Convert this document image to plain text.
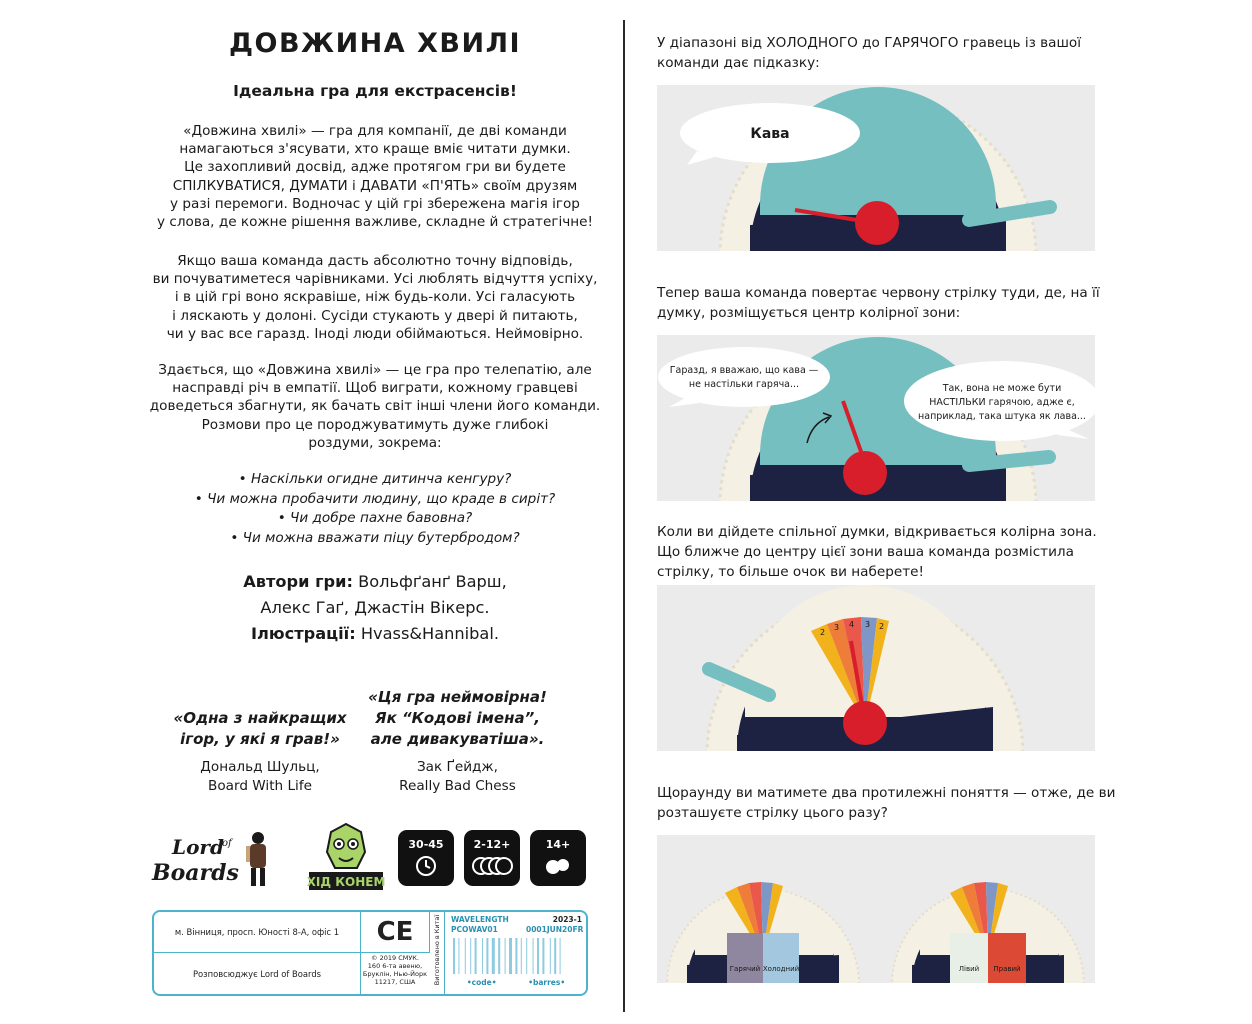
ДОВЖИНА ХВИЛІ
Ідеальна гра для екстрасенсів!
«Довжина хвилі» — гра для компанії, де дві команди
намагаються з'ясувати, хто краще вміє читати думки.
Це захопливий досвід, адже протягом гри ви будете
СПІЛКУВАТИСЯ, ДУМАТИ і ДАВАТИ «П'ЯТЬ» своїм друзям
у разі перемоги. Водночас у цій грі збережена магія ігор
у слова, де кожне рішення важливе, складне й стратегічне!
Якщо ваша команда дасть абсолютно точну відповідь,
ви почуватиметеся чарівниками. Усі люблять відчуття успіху,
і в цій грі воно яскравіше, ніж будь-коли. Усі галасують
і ляскають у долоні. Сусіди стукають у двері й питають,
чи у вас все гаразд. Іноді люди обіймаються. Неймовірно.
Здається, що «Довжина хвилі» — це гра про телепатію, але
насправді річ в емпатії. Щоб виграти, кожному гравцеві
доведеться збагнути, як бачать світ інші члени його команди.
Розмови про це породжуватимуть дуже глибокі
роздуми, зокрема:
• Наскільки огидне дитинча кенгуру?
• Чи можна пробачити людину, що краде в сиріт?
• Чи добре пахне бавовна?
• Чи можна вважати піцу бутербродом?
Автори гри: Вольфґанґ Варш,
Алекс Гаґ, Джастін Вікерс.
Ілюстрації: Hvass&Hannibal.
«Одна з найкращих
ігор, у які я грав!»
Дональд Шульц,
Board With Life
«Ця гра неймовірна!
Як “Кодові імена”,
але дивакуватіша».
Зак Ґейдж,
Really Bad Chess
Lord
of
Boards	ХІД КОНЕМ
30-45	2-12+	14+
м. Вінниця, просп. Юності 8-А, офіс 1
Розповсюджує Lord of Boards
CE
© 2019 СМУК.
160 6-та авеню,
Бруклін, Нью-Йорк
11217, США	Виготовлено в Китаї WAVELENGTH
PCOWAV01
2023-1
0001JUN20FR
•code•	•barres•
У діапазоні від ХОЛОДНОГО до ГАРЯЧОГО гравець із вашої
команди дає підказку:
Кава
Тепер ваша команда повертає червону стрілку туди, де, на її
думку, розміщується центр колірної зони:
Гаразд, я вважаю, що кава —
не настільки гаряча...	Так, вона не може бути
НАСТІЛЬКИ гарячою, адже є,
наприклад, така штука як лава...
Коли ви дійдете спільної думки, відкривається колірна зона.
Що ближче до центру цієї зони ваша команда розмістила
стрілку, то більше очок ви наберете!
2
3 4 3 2
Щораунду ви матимете два протилежні поняття — отже, де ви
розташуєте стрілку цього разу?
Гарячий Холодний	Лівий Правий
